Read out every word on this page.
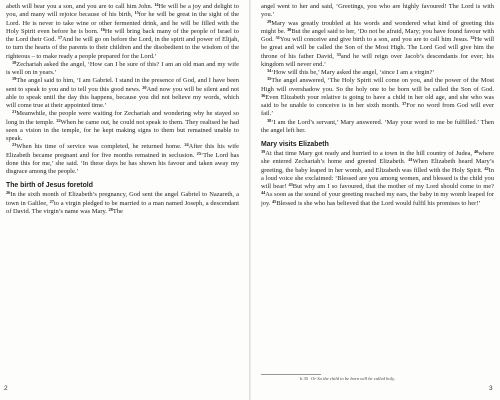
abeth will bear you a son, and you are to call him John. $^{14}$He will be a joy and delight to you, and many will rejoice because of his birth, $^{15}$for he will be great in the sight of the Lord. He is never to take wine or other fermented drink, and he will be filled with the Holy Spirit even before he is born. $^{16}$He will bring back many of the people of Israel to the Lord their God. $^{17}$And he will go on before the Lord, in the spirit and power of Elijah, to turn the hearts of the parents to their children and the disobedient to the wisdom of the righteous – to make ready a people prepared for the Lord.’

$^{18}$Zechariah asked the angel, ‘How can I be sure of this? I am an old man and my wife is well on in years.’

$^{19}$The angel said to him, ‘I am Gabriel. I stand in the presence of God, and I have been sent to speak to you and to tell you this good news. $^{20}$And now you will be silent and not able to speak until the day this happens, because you did not believe my words, which will come true at their appointed time.’

$^{21}$Meanwhile, the people were waiting for Zechariah and wondering why he stayed so long in the temple. $^{22}$When he came out, he could not speak to them. They realised he had seen a vision in the temple, for he kept making signs to them but remained unable to speak.

$^{23}$When his time of service was completed, he returned home. $^{24}$After this his wife Elizabeth became pregnant and for five months remained in seclusion. $^{25}$‘The Lord has done this for me,’ she said. ‘In these days he has shown his favour and taken away my disgrace among the people.’

The birth of Jesus foretold

$^{26}$In the sixth month of Elizabeth’s pregnancy, God sent the angel Gabriel to Nazareth, a town in Galilee, $^{27}$to a virgin pledged to be married to a man named Joseph, a descendant of David. The virgin’s name was Mary. $^{28}$The

angel went to her and said, ‘Greetings, you who are highly favoured! The Lord is with you.’

$^{29}$Mary was greatly troubled at his words and wondered what kind of greeting this might be. $^{30}$But the angel said to her, ‘Do not be afraid, Mary; you have found favour with God. $^{31}$You will conceive and give birth to a son, and you are to call him Jesus. $^{32}$He will be great and will be called the Son of the Most High. The Lord God will give him the throne of his father David, $^{33}$and he will reign over Jacob’s descendants for ever; his kingdom will never end.’

$^{34}$‘How will this be,’ Mary asked the angel, ‘since I am a virgin?’

$^{35}$The angel answered, ‘The Holy Spirit will come on you, and the power of the Most High will overshadow you. So the holy one to be born will be called the Son of God. $^{36}$Even Elizabeth your relative is going to have a child in her old age, and she who was said to be unable to conceive is in her sixth month. $^{37}$For no word from God will ever fail.’

$^{38}$‘I am the Lord’s servant,’ Mary answered. ‘May your word to me be fulfilled.’ Then the angel left her.

Mary visits Elizabeth

$^{39}$At that time Mary got ready and hurried to a town in the hill country of Judea, $^{40}$where she entered Zechariah’s home and greeted Elizabeth. $^{41}$When Elizabeth heard Mary’s greeting, the baby leaped in her womb, and Elizabeth was filled with the Holy Spirit. $^{42}$In a loud voice she exclaimed: ‘Blessed are you among women, and blessed is the child you will bear! $^{43}$But why am I so favoured, that the mother of my Lord should come to me? $^{44}$As soon as the sound of your greeting reached my ears, the baby in my womb leaped for joy. $^{45}$Blessed is she who has believed that the Lord would fulfil his promises to her!’

b 35 Or So the child to be born will be called holy,
2	3
